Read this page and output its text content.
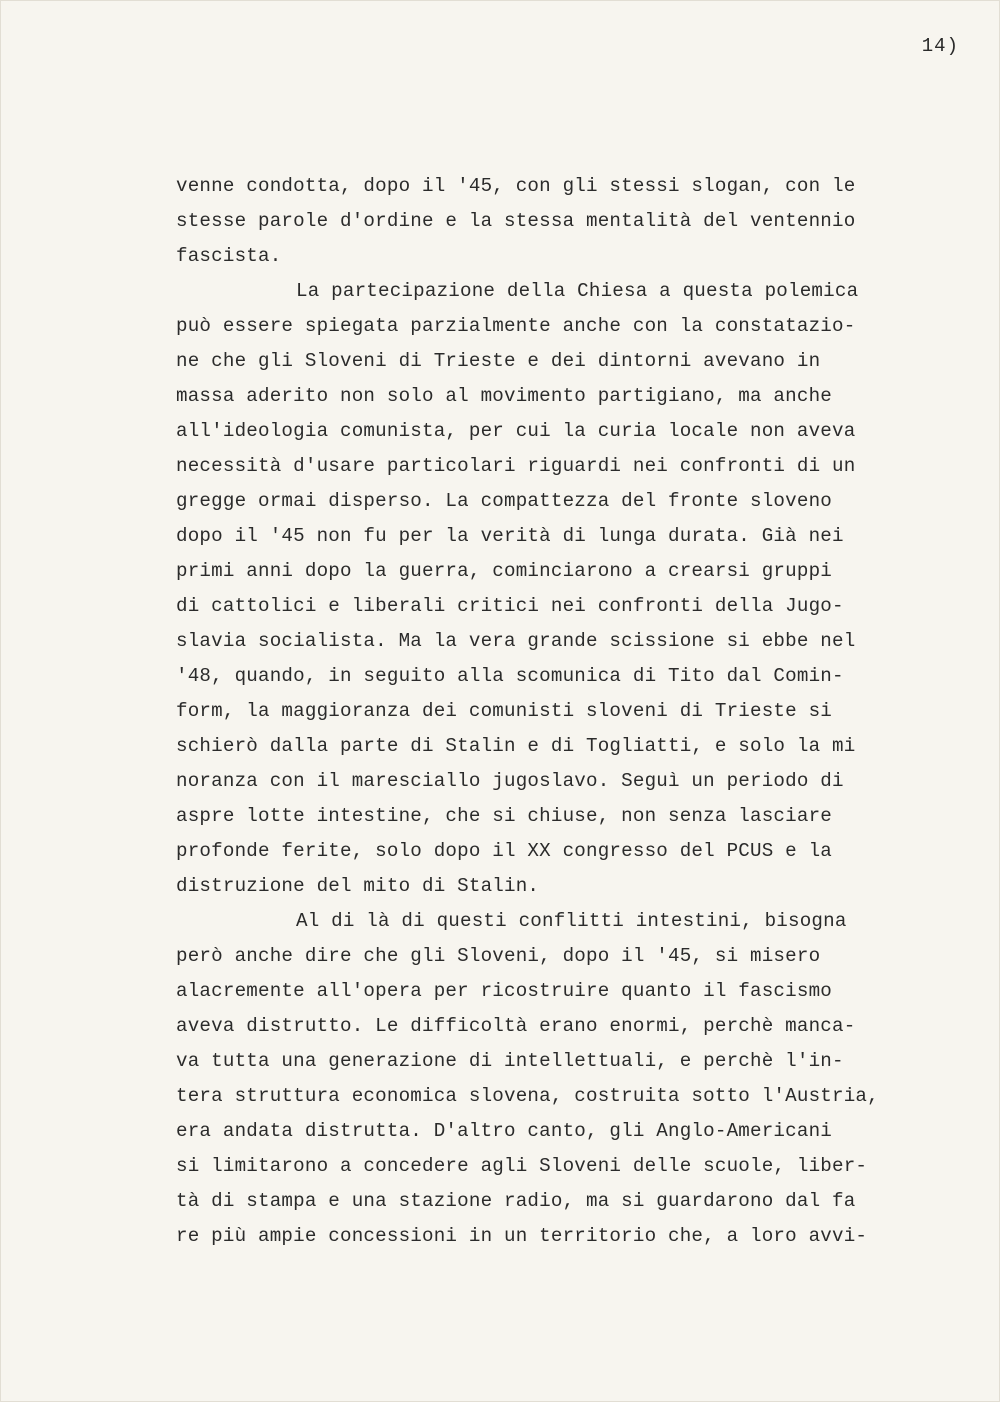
14)
venne condotta, dopo il '45, con gli stessi slogan, con le
stesse parole d'ordine e la stessa mentalità del ventennio
fascista.
La partecipazione della Chiesa a questa polemica
può essere spiegata parzialmente anche con la constatazio-
ne che gli Sloveni di Trieste e dei dintorni avevano in
massa aderito non solo al movimento partigiano, ma anche
all'ideologia comunista, per cui la curia locale non aveva
necessità d'usare particolari riguardi nei confronti di un
gregge ormai disperso. La compattezza del fronte sloveno
dopo il '45 non fu per la verità di lunga durata. Già nei
primi anni dopo la guerra, cominciarono a crearsi gruppi
di cattolici e liberali critici nei confronti della Jugo-
slavia socialista. Ma la vera grande scissione si ebbe nel
'48, quando, in seguito alla scomunica di Tito dal Comin-
form, la maggioranza dei comunisti sloveni di Trieste si
schierò dalla parte di Stalin e di Togliatti, e solo la mi
noranza con il maresciallo jugoslavo. Seguì un periodo di
aspre lotte intestine, che si chiuse, non senza lasciare
profonde ferite, solo dopo il XX congresso del PCUS e la
distruzione del mito di Stalin.
Al di là di questi conflitti intestini, bisogna
però anche dire che gli Sloveni, dopo il '45, si misero
alacremente all'opera per ricostruire quanto il fascismo
aveva distrutto. Le difficoltà erano enormi, perchè manca-
va tutta una generazione di intellettuali, e perchè l'in-
tera struttura economica slovena, costruita sotto l'Austria,
era andata distrutta. D'altro canto, gli Anglo-Americani
si limitarono a concedere agli Sloveni delle scuole, liber-
tà di stampa e una stazione radio, ma si guardarono dal fa
re più ampie concessioni in un territorio che, a loro avvi-
